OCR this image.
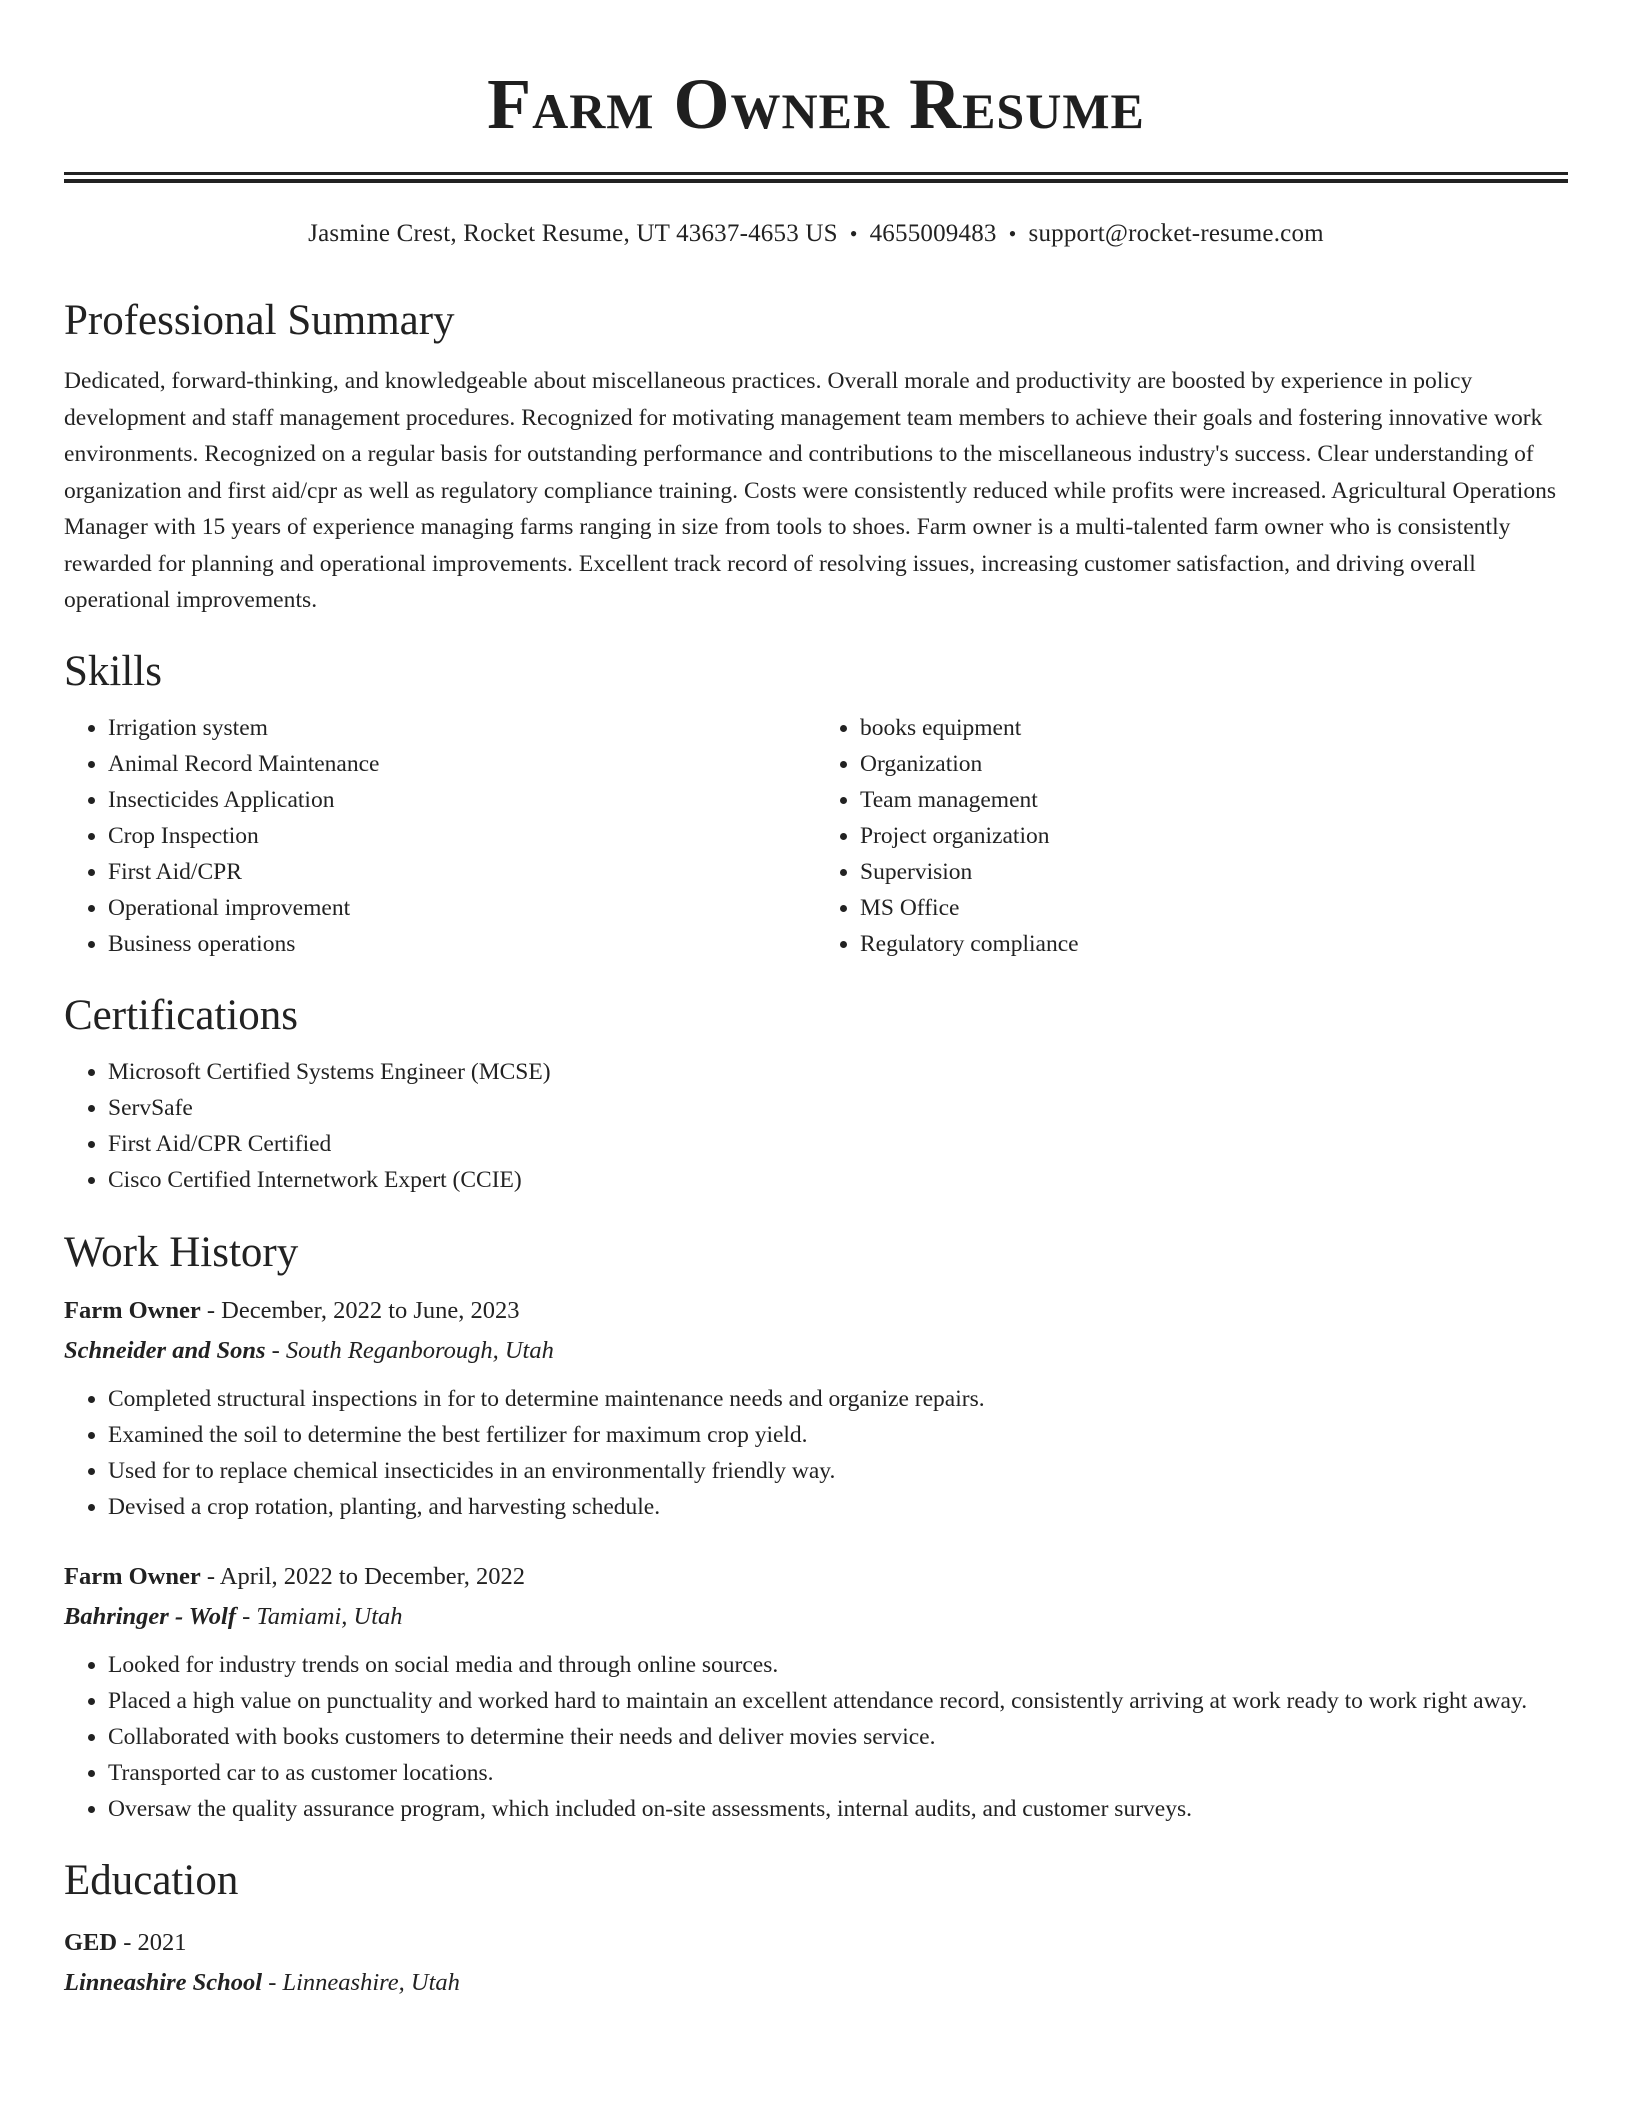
Farm Owner Resume
Jasmine Crest, Rocket Resume, UT 43637-4653 US • 4655009483 • support@rocket-resume.com
Professional Summary

Dedicated, forward-thinking, and knowledgeable about miscellaneous practices. Overall morale and productivity are boosted by experience in policy development and staff management procedures. Recognized for motivating management team members to achieve their goals and fostering innovative work environments. Recognized on a regular basis for outstanding performance and contributions to the miscellaneous industry's success. Clear understanding of organization and first aid/cpr as well as regulatory compliance training. Costs were consistently reduced while profits were increased. Agricultural Operations Manager with 15 years of experience managing farms ranging in size from tools to shoes. Farm owner is a multi-talented farm owner who is consistently rewarded for planning and operational improvements. Excellent track record of resolving issues, increasing customer satisfaction, and driving overall operational improvements.

Skills
• Irrigation system
• Animal Record Maintenance
• Insecticides Application
• Crop Inspection
• First Aid/CPR
• Operational improvement
• Business operations
• books equipment
• Organization
• Team management
• Project organization
• Supervision
• MS Office
• Regulatory compliance
Certifications
• Microsoft Certified Systems Engineer (MCSE)
• ServSafe
• First Aid/CPR Certified
• Cisco Certified Internetwork Expert (CCIE)
Work History
Farm Owner - December, 2022 to June, 2023
Schneider and Sons - South Reganborough, Utah
• Completed structural inspections in for to determine maintenance needs and organize repairs.
• Examined the soil to determine the best fertilizer for maximum crop yield.
• Used for to replace chemical insecticides in an environmentally friendly way.
• Devised a crop rotation, planting, and harvesting schedule.
Farm Owner - April, 2022 to December, 2022
Bahringer - Wolf - Tamiami, Utah
• Looked for industry trends on social media and through online sources.
• Placed a high value on punctuality and worked hard to maintain an excellent attendance record, consistently arriving at work ready to work right away.
• Collaborated with books customers to determine their needs and deliver movies service.
• Transported car to as customer locations.
• Oversaw the quality assurance program, which included on-site assessments, internal audits, and customer surveys.
Education
GED - 2021
Linneashire School - Linneashire, Utah
